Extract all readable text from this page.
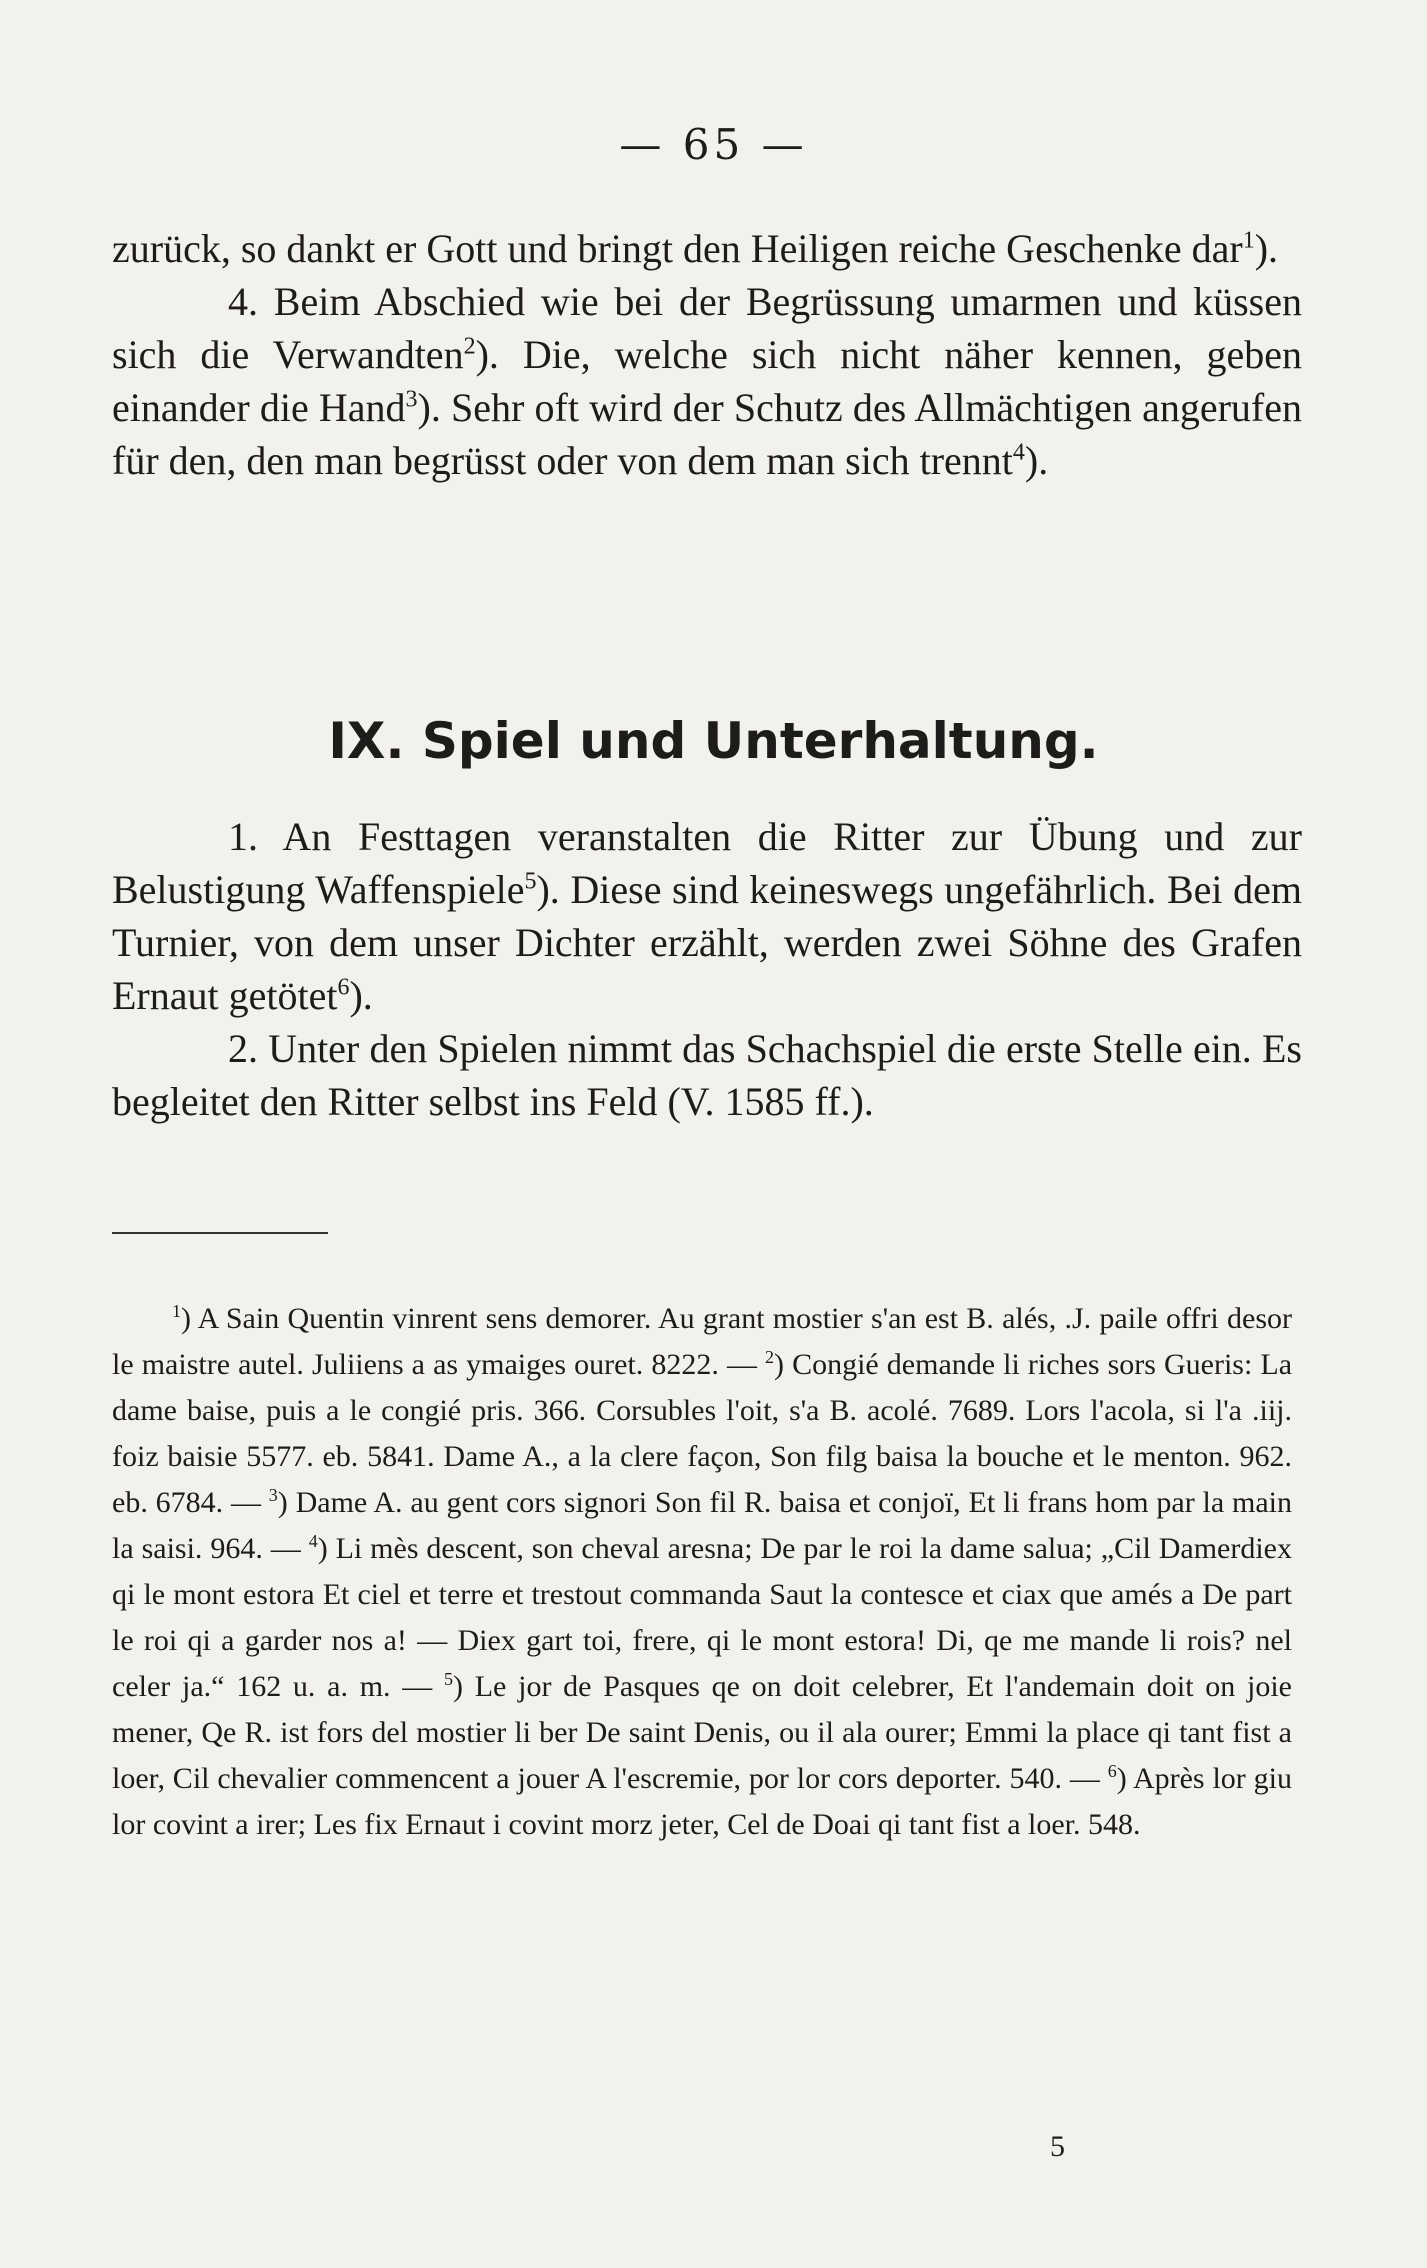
— 65 —

zurück, so dankt er Gott und bringt den Heiligen reiche Geschenke dar$^1$).

4. Beim Abschied wie bei der Begrüssung umarmen und küssen sich die Verwandten$^2$). Die, welche sich nicht näher kennen, geben einander die Hand$^3$). Sehr oft wird der Schutz des Allmächtigen angerufen für den, den man begrüsst oder von dem man sich trennt$^4$).

IX. Spiel und Unterhaltung.

1. An Festtagen veranstalten die Ritter zur Übung und zur Belustigung Waffenspiele$^5$). Diese sind keineswegs ungefährlich. Bei dem Turnier, von dem unser Dichter erzählt, werden zwei Söhne des Grafen Ernaut getötet$^6$).

2. Unter den Spielen nimmt das Schachspiel die erste Stelle ein. Es begleitet den Ritter selbst ins Feld (V. 1585 ff.).

$^1$) A Sain Quentin vinrent sens demorer. Au grant mostier s'an est B. alés, .J. paile offri desor le maistre autel. Juliiens a as ymaiges ouret. 8222. — $^2$) Congié demande li riches sors Gueris: La dame baise, puis a le congié pris. 366. Corsubles l'oit, s'a B. acolé. 7689. Lors l'acola, si l'a .iij. foiz baisie 5577. eb. 5841. Dame A., a la clere façon, Son filg baisa la bouche et le menton. 962. eb. 6784. — $^3$) Dame A. au gent cors signori Son fil R. baisa et conjoï, Et li frans hom par la main la saisi. 964. — $^4$) Li mès descent, son cheval aresna; De par le roi la dame salua; „Cil Damerdiex qi le mont estora Et ciel et terre et trestout commanda Saut la contesce et ciax que amés a De part le roi qi a garder nos a! — Diex gart toi, frere, qi le mont estora! Di, qe me mande li rois? nel celer ja.“ 162 u. a. m. — $^5$) Le jor de Pasques qe on doit celebrer, Et l'andemain doit on joie mener, Qe R. ist fors del mostier li ber De saint Denis, ou il ala ourer; Emmi la place qi tant fist a loer, Cil chevalier commencent a jouer A l'escremie, por lor cors deporter. 540. — $^6$) Après lor giu lor covint a irer; Les fix Ernaut i covint morz jeter, Cel de Doai qi tant fist a loer. 548.

5
